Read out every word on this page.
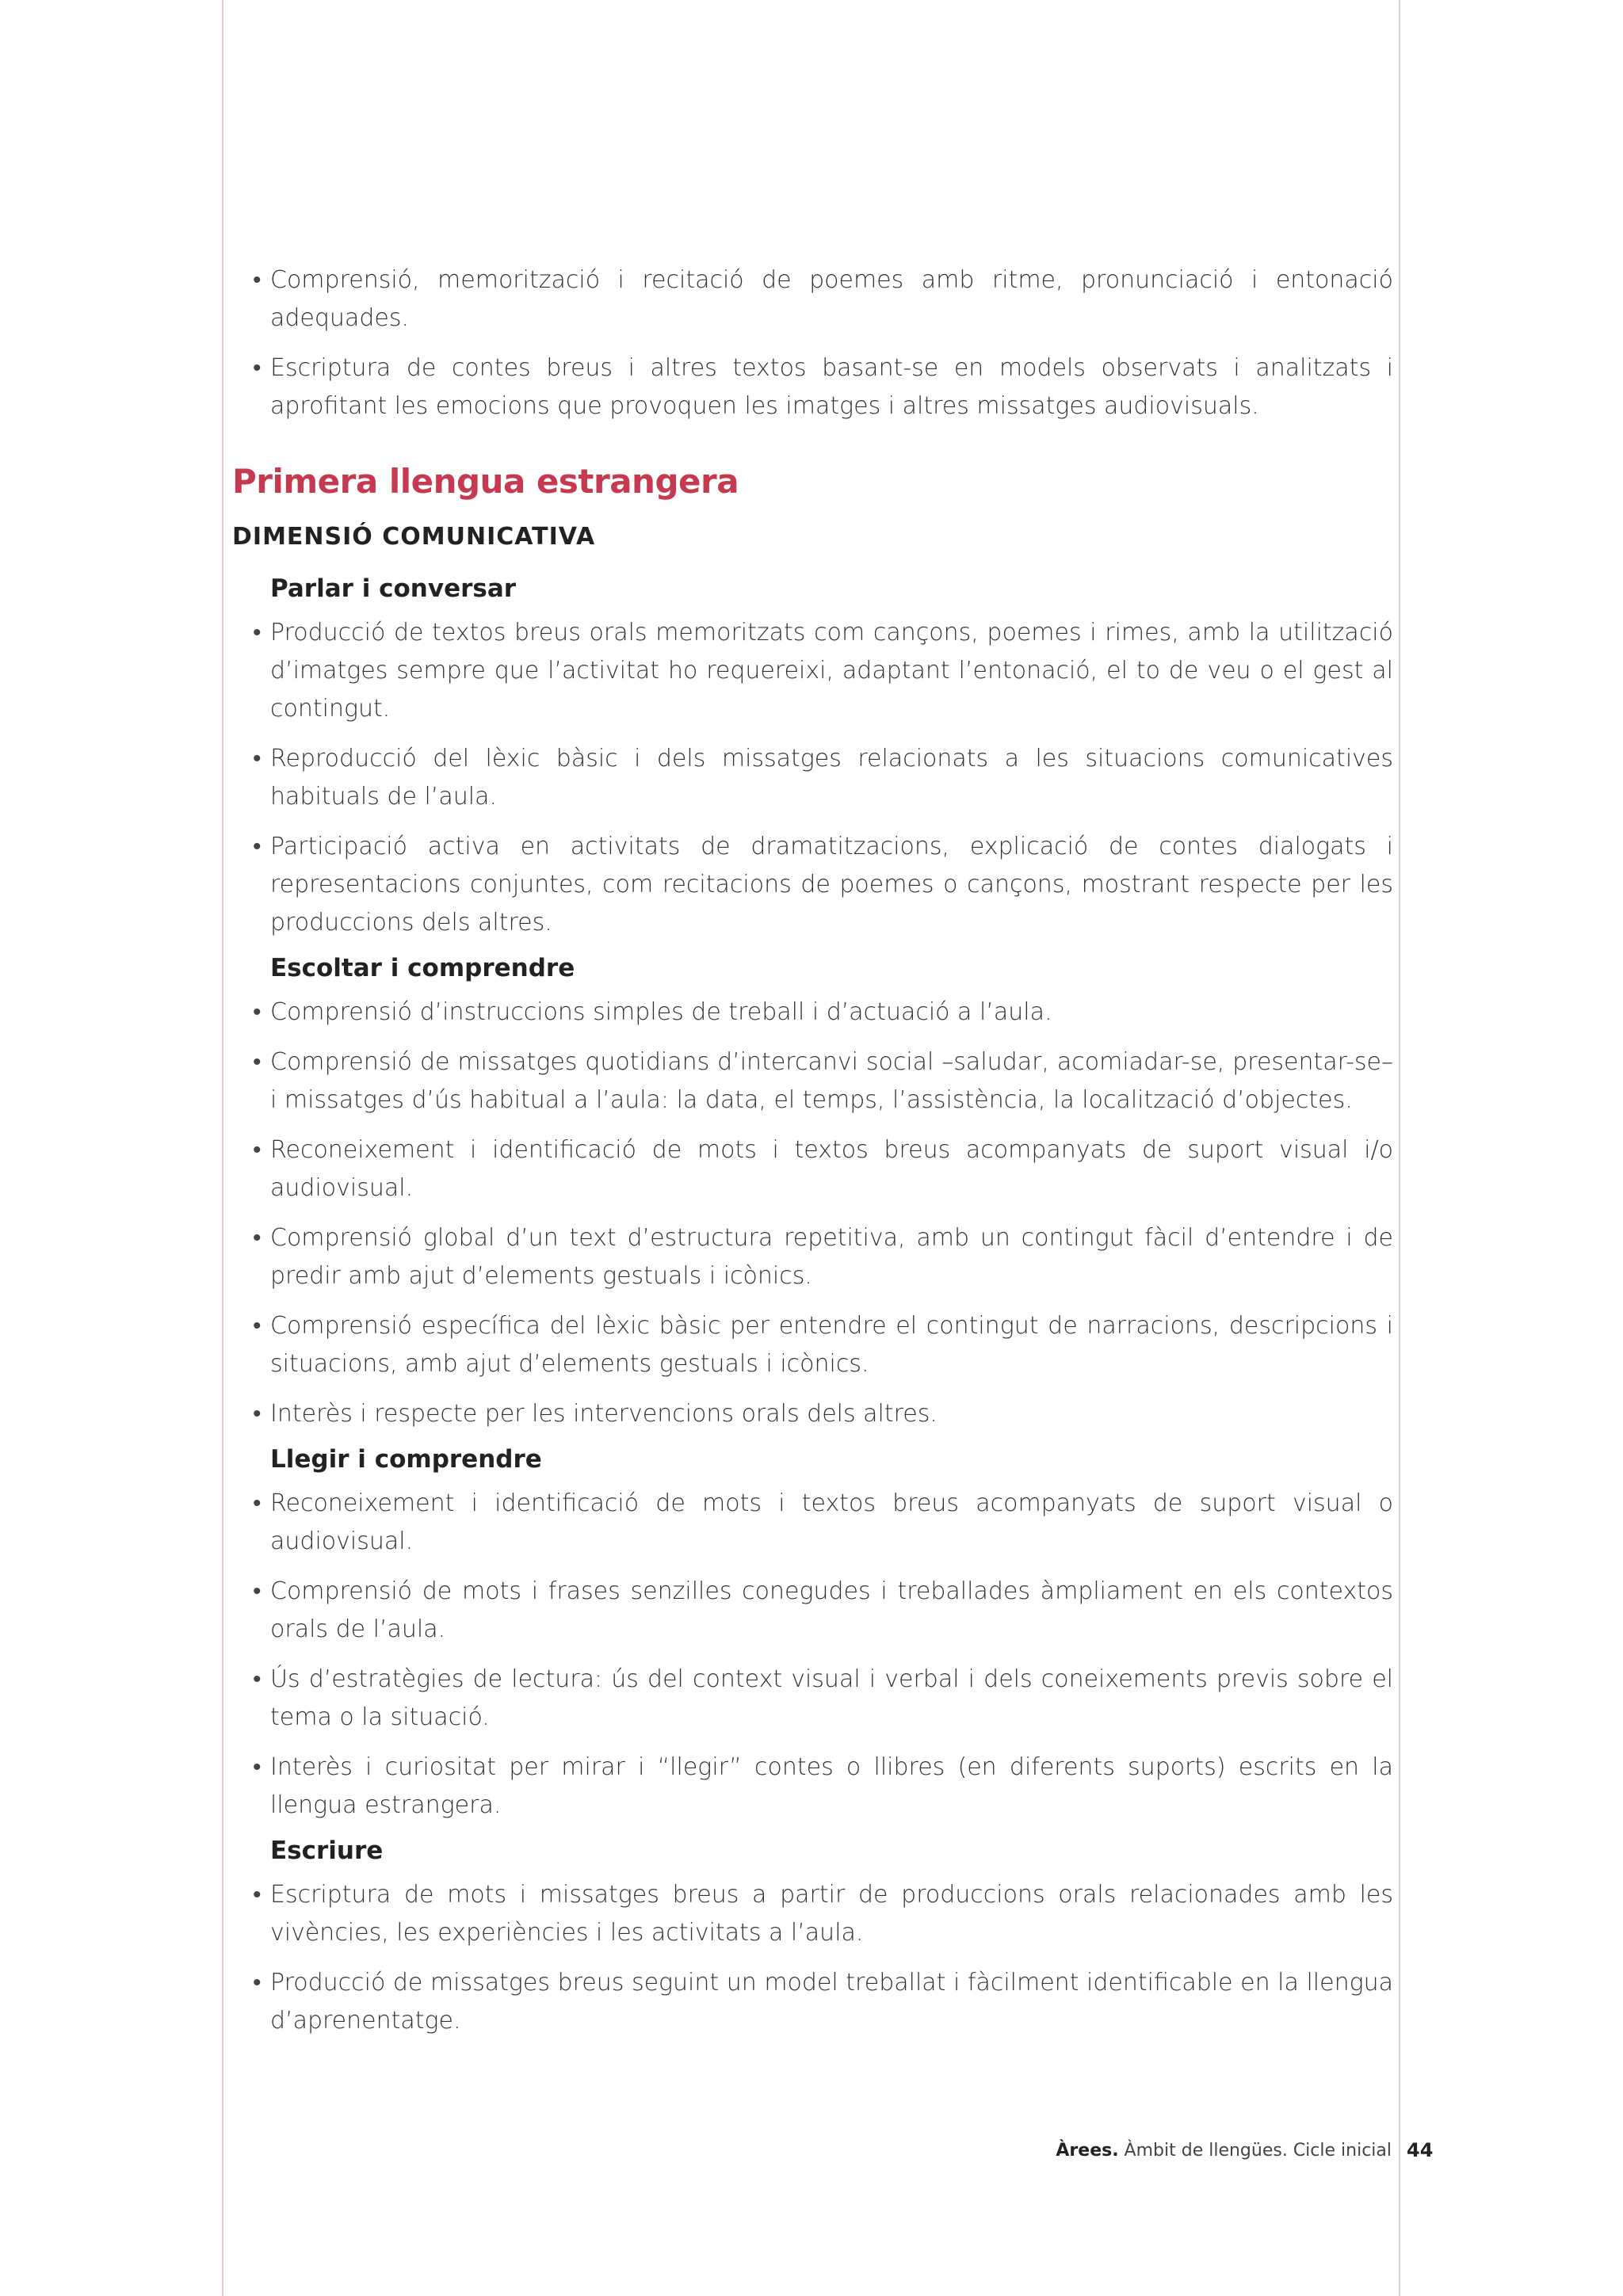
• Comprensió, memorització i recitació de poemes amb ritme, pronunciació i entonació adequades.
• Escriptura de contes breus i altres textos basant-se en models observats i analitzats i aprofitant les emocions que provoquen les imatges i altres missatges audiovisuals.
Primera llengua estrangera
DIMENSIÓ COMUNICATIVA
Parlar i conversar
• Producció de textos breus orals memoritzats com cançons, poemes i rimes, amb la utilització d’imatges sempre que l’activitat ho requereixi, adaptant l’entonació, el to de veu o el gest al contingut.
• Reproducció del lèxic bàsic i dels missatges relacionats a les situacions comunicatives habituals de l’aula.
• Participació activa en activitats de dramatitzacions, explicació de contes dialogats i representacions conjuntes, com recitacions de poemes o cançons, mostrant respecte per les produccions dels altres.
Escoltar i comprendre
• Comprensió d’instruccions simples de treball i d’actuació a l’aula.
• Comprensió de missatges quotidians d’intercanvi social –saludar, acomiadar-se, presentar-se– i missatges d’ús habitual a l’aula: la data, el temps, l’assistència, la localització d’objectes.
• Reconeixement i identificació de mots i textos breus acompanyats de suport visual i/o audiovisual.
• Comprensió global d’un text d’estructura repetitiva, amb un contingut fàcil d’entendre i de predir amb ajut d’elements gestuals i icònics.
• Comprensió específica del lèxic bàsic per entendre el contingut de narracions, descripcions i situacions, amb ajut d’elements gestuals i icònics.
• Interès i respecte per les intervencions orals dels altres.
Llegir i comprendre
• Reconeixement i identificació de mots i textos breus acompanyats de suport visual o audiovisual.
• Comprensió de mots i frases senzilles conegudes i treballades àmpliament en els contextos orals de l’aula.
• Ús d’estratègies de lectura: ús del context visual i verbal i dels coneixements previs sobre el tema o la situació.
• Interès i curiositat per mirar i “llegir” contes o llibres (en diferents suports) escrits en la llengua estrangera.
Escriure
• Escriptura de mots i missatges breus a partir de produccions orals relacionades amb les vivències, les experiències i les activitats a l’aula.
• Producció de missatges breus seguint un model treballat i fàcilment identificable en la llengua d’aprenentatge.
Àrees. Àmbit de llengües. Cicle inicial 44
